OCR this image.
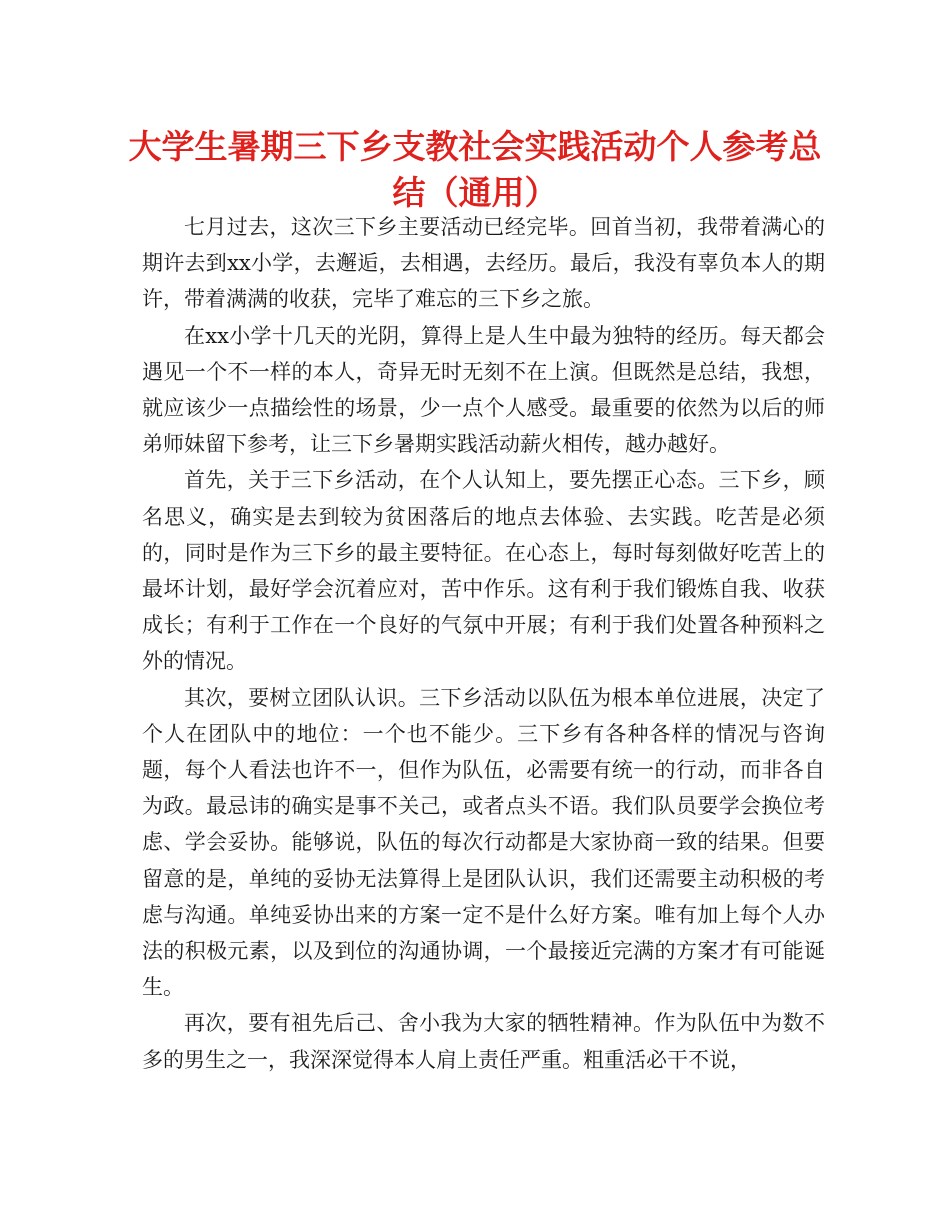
大学生暑期三下乡支教社会实践活动个人参考总结（通用）

七月过去，这次三下乡主要活动已经完毕。回首当初，我带着满心的期许去到xx小学，去邂逅，去相遇，去经历。最后，我没有辜负本人的期许，带着满满的收获，完毕了难忘的三下乡之旅。

在xx小学十几天的光阴，算得上是人生中最为独特的经历。每天都会遇见一个不一样的本人，奇异无时无刻不在上演。但既然是总结，我想，就应该少一点描绘性的场景，少一点个人感受。最重要的依然为以后的师弟师妹留下参考，让三下乡暑期实践活动薪火相传，越办越好。

首先，关于三下乡活动，在个人认知上，要先摆正心态。三下乡，顾名思义，确实是去到较为贫困落后的地点去体验、去实践。吃苦是必须的，同时是作为三下乡的最主要特征。在心态上，每时每刻做好吃苦上的最坏计划，最好学会沉着应对，苦中作乐。这有利于我们锻炼自我、收获成长；有利于工作在一个良好的气氛中开展；有利于我们处置各种预料之外的情况。

其次，要树立团队认识。三下乡活动以队伍为根本单位进展，决定了个人在团队中的地位：一个也不能少。三下乡有各种各样的情况与咨询题，每个人看法也许不一，但作为队伍，必需要有统一的行动，而非各自为政。最忌讳的确实是事不关己，或者点头不语。我们队员要学会换位考虑、学会妥协。能够说，队伍的每次行动都是大家协商一致的结果。但要留意的是，单纯的妥协无法算得上是团队认识，我们还需要主动积极的考虑与沟通。单纯妥协出来的方案一定不是什么好方案。唯有加上每个人办法的积极元素，以及到位的沟通协调，一个最接近完满的方案才有可能诞生。

再次，要有祖先后己、舍小我为大家的牺牲精神。作为队伍中为数不多的男生之一，我深深觉得本人肩上责任严重。粗重活必干不说，
